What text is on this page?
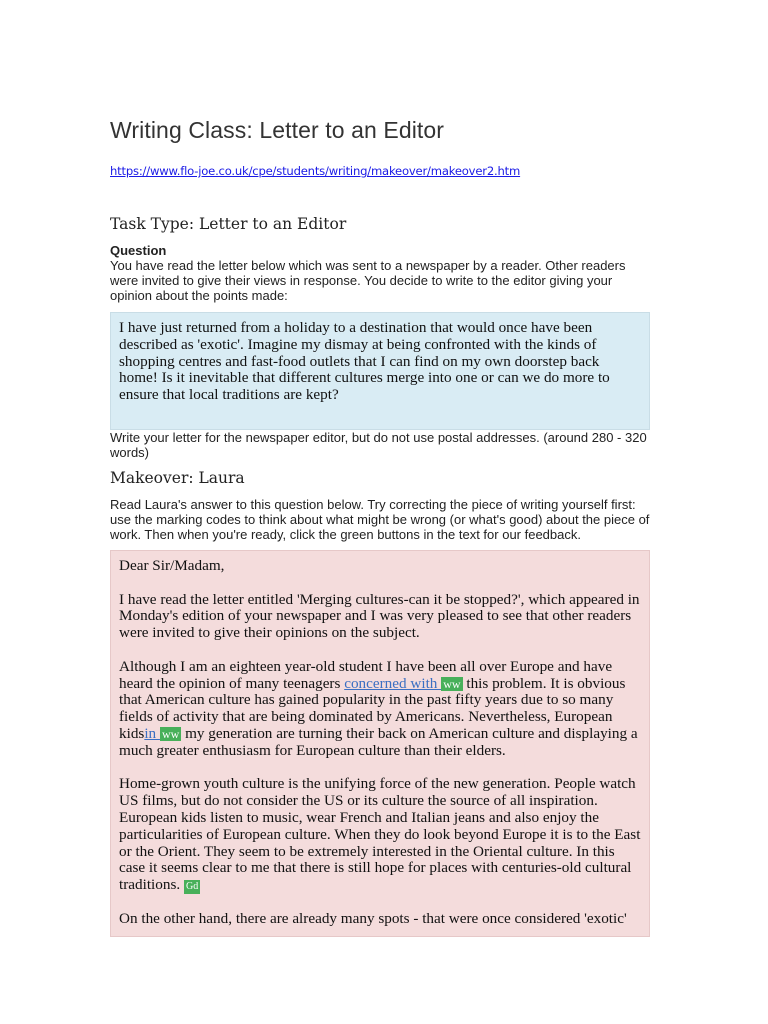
Writing Class: Letter to an Editor
https://www.flo-joe.co.uk/cpe/students/writing/makeover/makeover2.htm
Task Type: Letter to an Editor
Question
You have read the letter below which was sent to a newspaper by a reader. Other readers were invited to give their views in response. You decide to write to the editor giving your opinion about the points made:
I have just returned from a holiday to a destination that would once have been described as 'exotic'. Imagine my dismay at being confronted with the kinds of shopping centres and fast-food outlets that I can find on my own doorstep back home! Is it inevitable that different cultures merge into one or can we do more to ensure that local traditions are kept?
Write your letter for the newspaper editor, but do not use postal addresses. (around 280 - 320 words)
Makeover: Laura
Read Laura's answer to this question below. Try correcting the piece of writing yourself first: use the marking codes to think about what might be wrong (or what's good) about the piece of work. Then when you're ready, click the green buttons in the text for our feedback.

Dear Sir/Madam,

I have read the letter entitled 'Merging cultures-can it be stopped?', which appeared in Monday's edition of your newspaper and I was very pleased to see that other readers were invited to give their opinions on the subject.

Although I am an eighteen year-old student I have been all over Europe and have heard the opinion of many teenagers concerned with ww this problem. It is obvious that American culture has gained popularity in the past fifty years due to so many fields of activity that are being dominated by Americans. Nevertheless, European kidsin ww my generation are turning their back on American culture and displaying a much greater enthusiasm for European culture than their elders.

Home-grown youth culture is the unifying force of the new generation. People watch US films, but do not consider the US or its culture the source of all inspiration. European kids listen to music, wear French and Italian jeans and also enjoy the particularities of European culture. When they do look beyond Europe it is to the East or the Orient. They seem to be extremely interested in the Oriental culture. In this case it seems clear to me that there is still hope for places with centuries-old cultural traditions. Gd

On the other hand, there are already many spots - that were once considered 'exotic'
